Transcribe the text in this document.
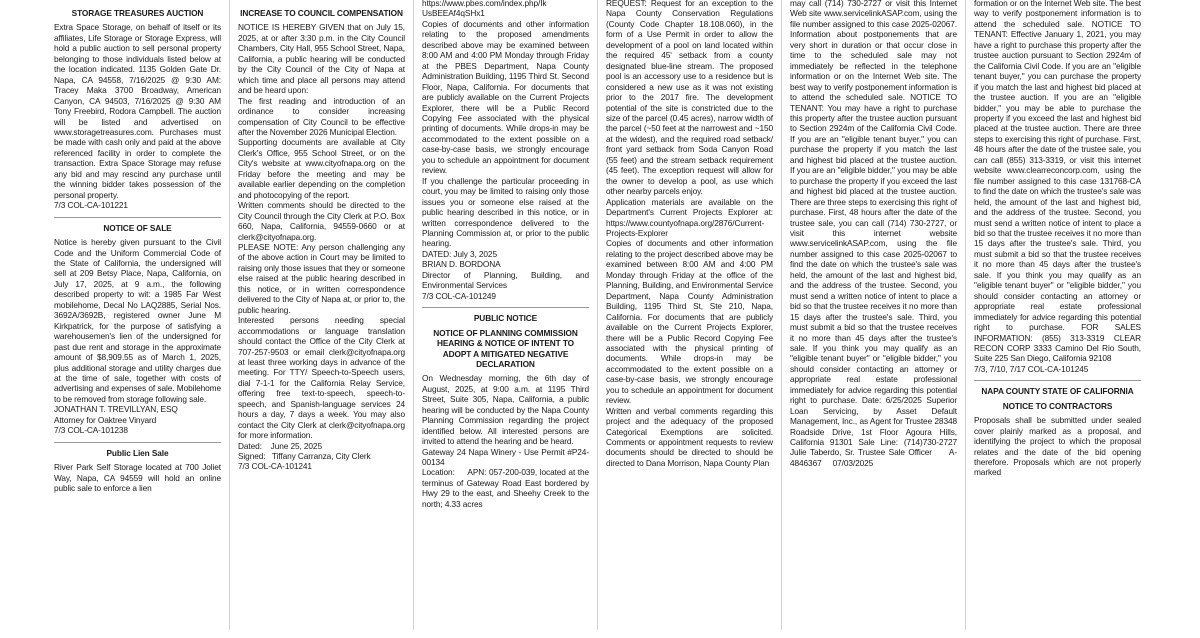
STORAGE TREASURES AUCTION
Extra Space Storage, on behalf of itself or its affiliates, Life Storage or Storage Express, will hold a public auction to sell personal property belonging to those individuals listed below at the location indicated. 1135 Golden Gate Dr. Napa, CA 94558, 7/16/2025 @ 9:30 AM: Tracey Maka 3700 Broadway, American Canyon, CA 94503, 7/16/2025 @ 9:30 AM Tony Freebird, Rodora Campbell. The auction will be listed and advertised on www.storagetreasures.com. Purchases must be made with cash only and paid at the above referenced facility in order to complete the transaction. Extra Space Storage may refuse any bid and may rescind any purchase until the winning bidder takes possession of the personal property.
7/3 COL-CA-101221
NOTICE OF SALE
Notice is hereby given pursuant to the Civil Code and the Uniform Commercial Code of the State of California, the undersigned will sell at 209 Betsy Place, Napa, California, on July 17, 2025, at 9 a.m., the following described property to wit: a 1985 Far West mobilehome, Decal No LAQ2885, Serial Nos. 3692A/3692B, registered owner June M Kirkpatrick, for the purpose of satisfying a warehousemen's lien of the undersigned for past due rent and storage in the approximate amount of $8,909.55 as of March 1, 2025, plus additional storage and utility charges due at the time of sale, together with costs of advertising and expenses of sale. Mobilehome to be removed from storage following sale.
JONATHAN T. TREVILLYAN, ESQ
Attorney for Oaktree Vinyard
7/3 COL-CA-101238
Public Lien Sale
River Park Self Storage located at 700 Joliet Way, Napa, CA 94559 will hold an online public sale to enforce a lien
INCREASE TO COUNCIL COMPENSATION
NOTICE IS HEREBY GIVEN that on July 15, 2025, at or after 3:30 p.m. in the City Council Chambers, City Hall, 955 School Street, Napa, California, a public hearing will be conducted by the City Council of the City of Napa at which time and place all persons may attend and be heard upon:
The first reading and introduction of an ordinance to consider increasing compensation of City Council to be effective after the November 2026 Municipal Election.
Supporting documents are available at City Clerk's Office, 955 School Street, or on the City's website at www.cityofnapa.org on the Friday before the meeting and may be available earlier depending on the completion and photocopying of the report.
Written comments should be directed to the City Council through the City Clerk at P.O. Box 660, Napa, California, 94559-0660 or at clerk@cityofnapa.org.
PLEASE NOTE: Any person challenging any of the above action in Court may be limited to raising only those issues that they or someone else raised at the public hearing described in this notice, or in written correspondence delivered to the City of Napa at, or prior to, the public hearing.
Interested persons needing special accommodations or language translation should contact the Office of the City Clerk at 707-257-9503 or email clerk@cityofnapa.org at least three working days in advance of the meeting. For TTY/ Speech-to-Speech users, dial 7-1-1 for the California Relay Service, offering free text-to-speech, speech-to-speech, and Spanish-language services 24 hours a day, 7 days a week. You may also contact the City Clerk at clerk@cityofnapa.org for more information.
Dated:    June 25, 2025
Signed:   Tiffany Carranza, City Clerk
7/3 COL-CA-101241
https://www.pbes.com/index.php/Ik UsBEEAf4qSHx1
Copies of documents and other information relating to the proposed amendments described above may be examined between 8:00 AM and 4:00 PM Monday through Friday at the PBES Department, Napa County Administration Building, 1195 Third St. Second Floor, Napa, California. For documents that are publicly available on the Current Projects Explorer, there will be a Public Record Copying Fee associated with the physical printing of documents. While drops-in may be accommodated to the extent possible on a case-by-case basis, we strongly encourage you to schedule an appointment for document review.
If you challenge the particular proceeding in court, you may be limited to raising only those issues you or someone else raised at the public hearing described in this notice, or in written correspondence delivered to the Planning Commission at, or prior to the public hearing.
DATED: July 3, 2025
BRIAN D. BORDONA
Director of Planning, Building, and Environmental Services
7/3 COL-CA-101249
PUBLIC NOTICE
NOTICE OF PLANNING COMMISSION HEARING & NOTICE OF INTENT TO ADOPT A MITIGATED NEGATIVE DECLARATION
On Wednesday morning, the 6th day of August, 2025, at 9:00 a.m. at 1195 Third Street, Suite 305, Napa, California, a public hearing will be conducted by the Napa County Planning Commission regarding the project identified below. All interested persons are invited to attend the hearing and be heard.
Gateway 24 Napa Winery - Use Permit #P24-00134
Location:     APN: 057-200-039, located at the terminus of Gateway Road East bordered by Hwy 29 to the east, and Sheehy Creek to the north; 4.33 acres
REQUEST: Request for an exception to the Napa County Conservation Regulations (County Code Chapter 18.108.060), in the form of a Use Permit in order to allow the development of a pool on land located within the required 45' setback from a county designated blue-line stream. The proposed pool is an accessory use to a residence but is considered a new use as it was not existing prior to the 2017 fire. The development potential of the site is constricted due to the size of the parcel (0.45 acres), narrow width of the parcel (~50 feet at the narrowest and ~150 at the widest), and the required road setback/ front yard setback from Soda Canyon Road (55 feet) and the stream setback requirement (45 feet). The exception request will allow for the owner to develop a pool, as use which other nearby parcels enjoy.
Application materials are available on the Department's Current Projects Explorer at: https://www.countyofnapa.org/2876/Current-Projects-Explorer
Copies of documents and other information relating to the project described above may be examined between 8:00 AM and 4:00 PM Monday through Friday at the office of the Planning, Building, and Environmental Service Department, Napa County Administration Building, 1195 Third St, Ste 210, Napa, California. For documents that are publicly available on the Current Projects Explorer, there will be a Public Record Copying Fee associated with the physical printing of documents. While drops-in may be accommodated to the extent possible on a case-by-case basis, we strongly encourage you to schedule an appointment for document review.
Written and verbal comments regarding this project and the adequacy of the proposed Categorical Exemptions are solicited. Comments or appointment requests to review documents should be directed to should be directed to Dana Morrison, Napa County Plan
may call (714) 730-2727 or visit this Internet Web site www.servicelinkASAP.com, using the file number assigned to this case 2025-02067. Information about postponements that are very short in duration or that occur close in time to the scheduled sale may not immediately be reflected in the telephone information or on the Internet Web site. The best way to verify postponement information is to attend the scheduled sale. NOTICE TO TENANT: You may have a right to purchase this property after the trustee auction pursuant to Section 2924m of the California Civil Code. If you are an "eligible tenant buyer," you can purchase the property if you match the last and highest bid placed at the trustee auction. If you are an "eligible bidder," you may be able to purchase the property if you exceed the last and highest bid placed at the trustee auction. There are three steps to exercising this right of purchase. First, 48 hours after the date of the trustee sale, you can call (714) 730-2727, or visit this internet website www.servicelinkASAP.com, using the file number assigned to this case 2025-02067 to find the date on which the trustee's sale was held, the amount of the last and highest bid, and the address of the trustee. Second, you must send a written notice of intent to place a bid so that the trustee receives it no more than 15 days after the trustee's sale. Third, you must submit a bid so that the trustee receives it no more than 45 days after the trustee's sale. If you think you may qualify as an "eligible tenant buyer" or "eligible bidder," you should consider contacting an attorney or appropriate real estate professional immediately for advice regarding this potential right to purchase. Date: 6/25/2025 Superior Loan Servicing, by Asset Default Management, Inc., as Agent for Trustee 28348 Roadside Drive, 1st Floor Agoura Hills, California 91301 Sale Line: (714)730-2727 Julie Taberdo, Sr. Trustee Sale Officer     A-4846367     07/03/2025
formation or on the Internet Web site. The best way to verify postponement information is to attend the scheduled sale. NOTICE TO TENANT: Effective January 1, 2021, you may have a right to purchase this property after the trustee auction pursuant to Section 2924m of the California Civil Code. If you are an "eligible tenant buyer," you can purchase the property if you match the last and highest bid placed at the trustee auction. If you are an "eligible bidder," you may be able to purchase the property if you exceed the last and highest bid placed at the trustee auction. There are three steps to exercising this right of purchase. First, 48 hours after the date of the trustee sale, you can call (855) 313-3319, or visit this internet website www.clearreconcorp.com, using the file number assigned to this case 131768-CA to find the date on which the trustee's sale was held, the amount of the last and highest bid, and the address of the trustee. Second, you must send a written notice of intent to place a bid so that the trustee receives it no more than 15 days after the trustee's sale. Third, you must submit a bid so that the trustee receives it no more than 45 days after the trustee's sale. If you think you may qualify as an "eligible tenant buyer" or "eligible bidder," you should consider contacting an attorney or appropriate real estate professional immediately for advice regarding this potential right to purchase. FOR SALES INFORMATION: (855) 313-3319 CLEAR RECON CORP 3333 Camino Del Rio South, Suite 225 San Diego, California 92108
7/3, 7/10, 7/17 COL-CA-101245
NAPA COUNTY STATE OF CALIFORNIA
NOTICE TO CONTRACTORS
Proposals shall be submitted under sealed cover plainly marked as a proposal, and identifying the project to which the proposal relates and the date of the bid opening therefore. Proposals which are not properly marked
